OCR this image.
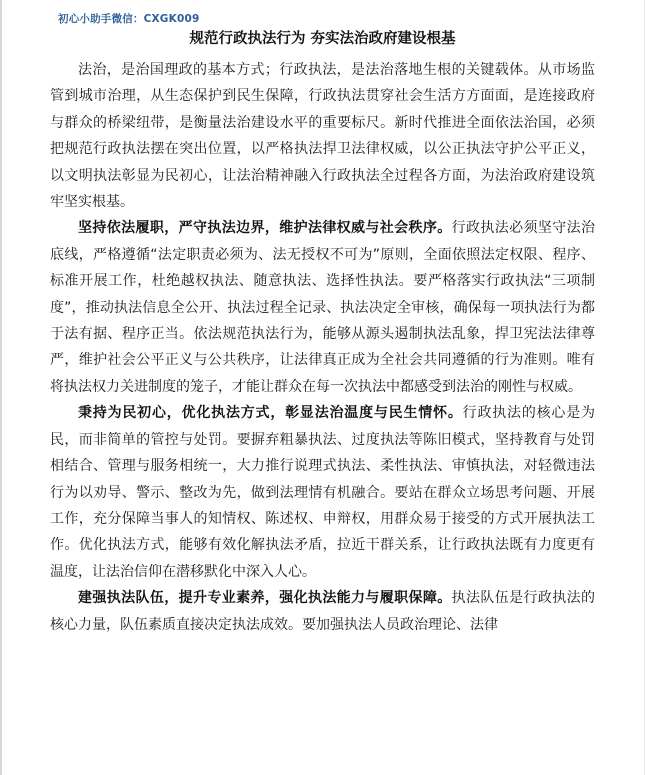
初心小助手微信：CXGK009
规范行政执法行为 夯实法治政府建设根基

法治，是治国理政的基本方式；行政执法，是法治落地生根的关键载体。从市场监管到城市治理，从生态保护到民生保障，行政执法贯穿社会生活方方面面，是连接政府与群众的桥梁纽带，是衡量法治建设水平的重要标尺。新时代推进全面依法治国，必须把规范行政执法摆在突出位置，以严格执法捍卫法律权威，以公正执法守护公平正义，以文明执法彰显为民初心，让法治精神融入行政执法全过程各方面，为法治政府建设筑牢坚实根基。

坚持依法履职，严守执法边界，维护法律权威与社会秩序。行政执法必须坚守法治底线，严格遵循“法定职责必须为、法无授权不可为”原则，全面依照法定权限、程序、标准开展工作，杜绝越权执法、随意执法、选择性执法。要严格落实行政执法“三项制度”，推动执法信息全公开、执法过程全记录、执法决定全审核，确保每一项执法行为都于法有据、程序正当。依法规范执法行为，能够从源头遏制执法乱象，捍卫宪法法律尊严，维护社会公平正义与公共秩序，让法律真正成为全社会共同遵循的行为准则。唯有将执法权力关进制度的笼子，才能让群众在每一次执法中都感受到法治的刚性与权威。

秉持为民初心，优化执法方式，彰显法治温度与民生情怀。行政执法的核心是为民，而非简单的管控与处罚。要摒弃粗暴执法、过度执法等陈旧模式，坚持教育与处罚相结合、管理与服务相统一，大力推行说理式执法、柔性执法、审慎执法，对轻微违法行为以劝导、警示、整改为先，做到法理情有机融合。要站在群众立场思考问题、开展工作，充分保障当事人的知情权、陈述权、申辩权，用群众易于接受的方式开展执法工作。优化执法方式，能够有效化解执法矛盾，拉近干群关系，让行政执法既有力度更有温度，让法治信仰在潜移默化中深入人心。

建强执法队伍，提升专业素养，强化执法能力与履职保障。执法队伍是行政执法的核心力量，队伍素质直接决定执法成效。要加强执法人员政治理论、法律
